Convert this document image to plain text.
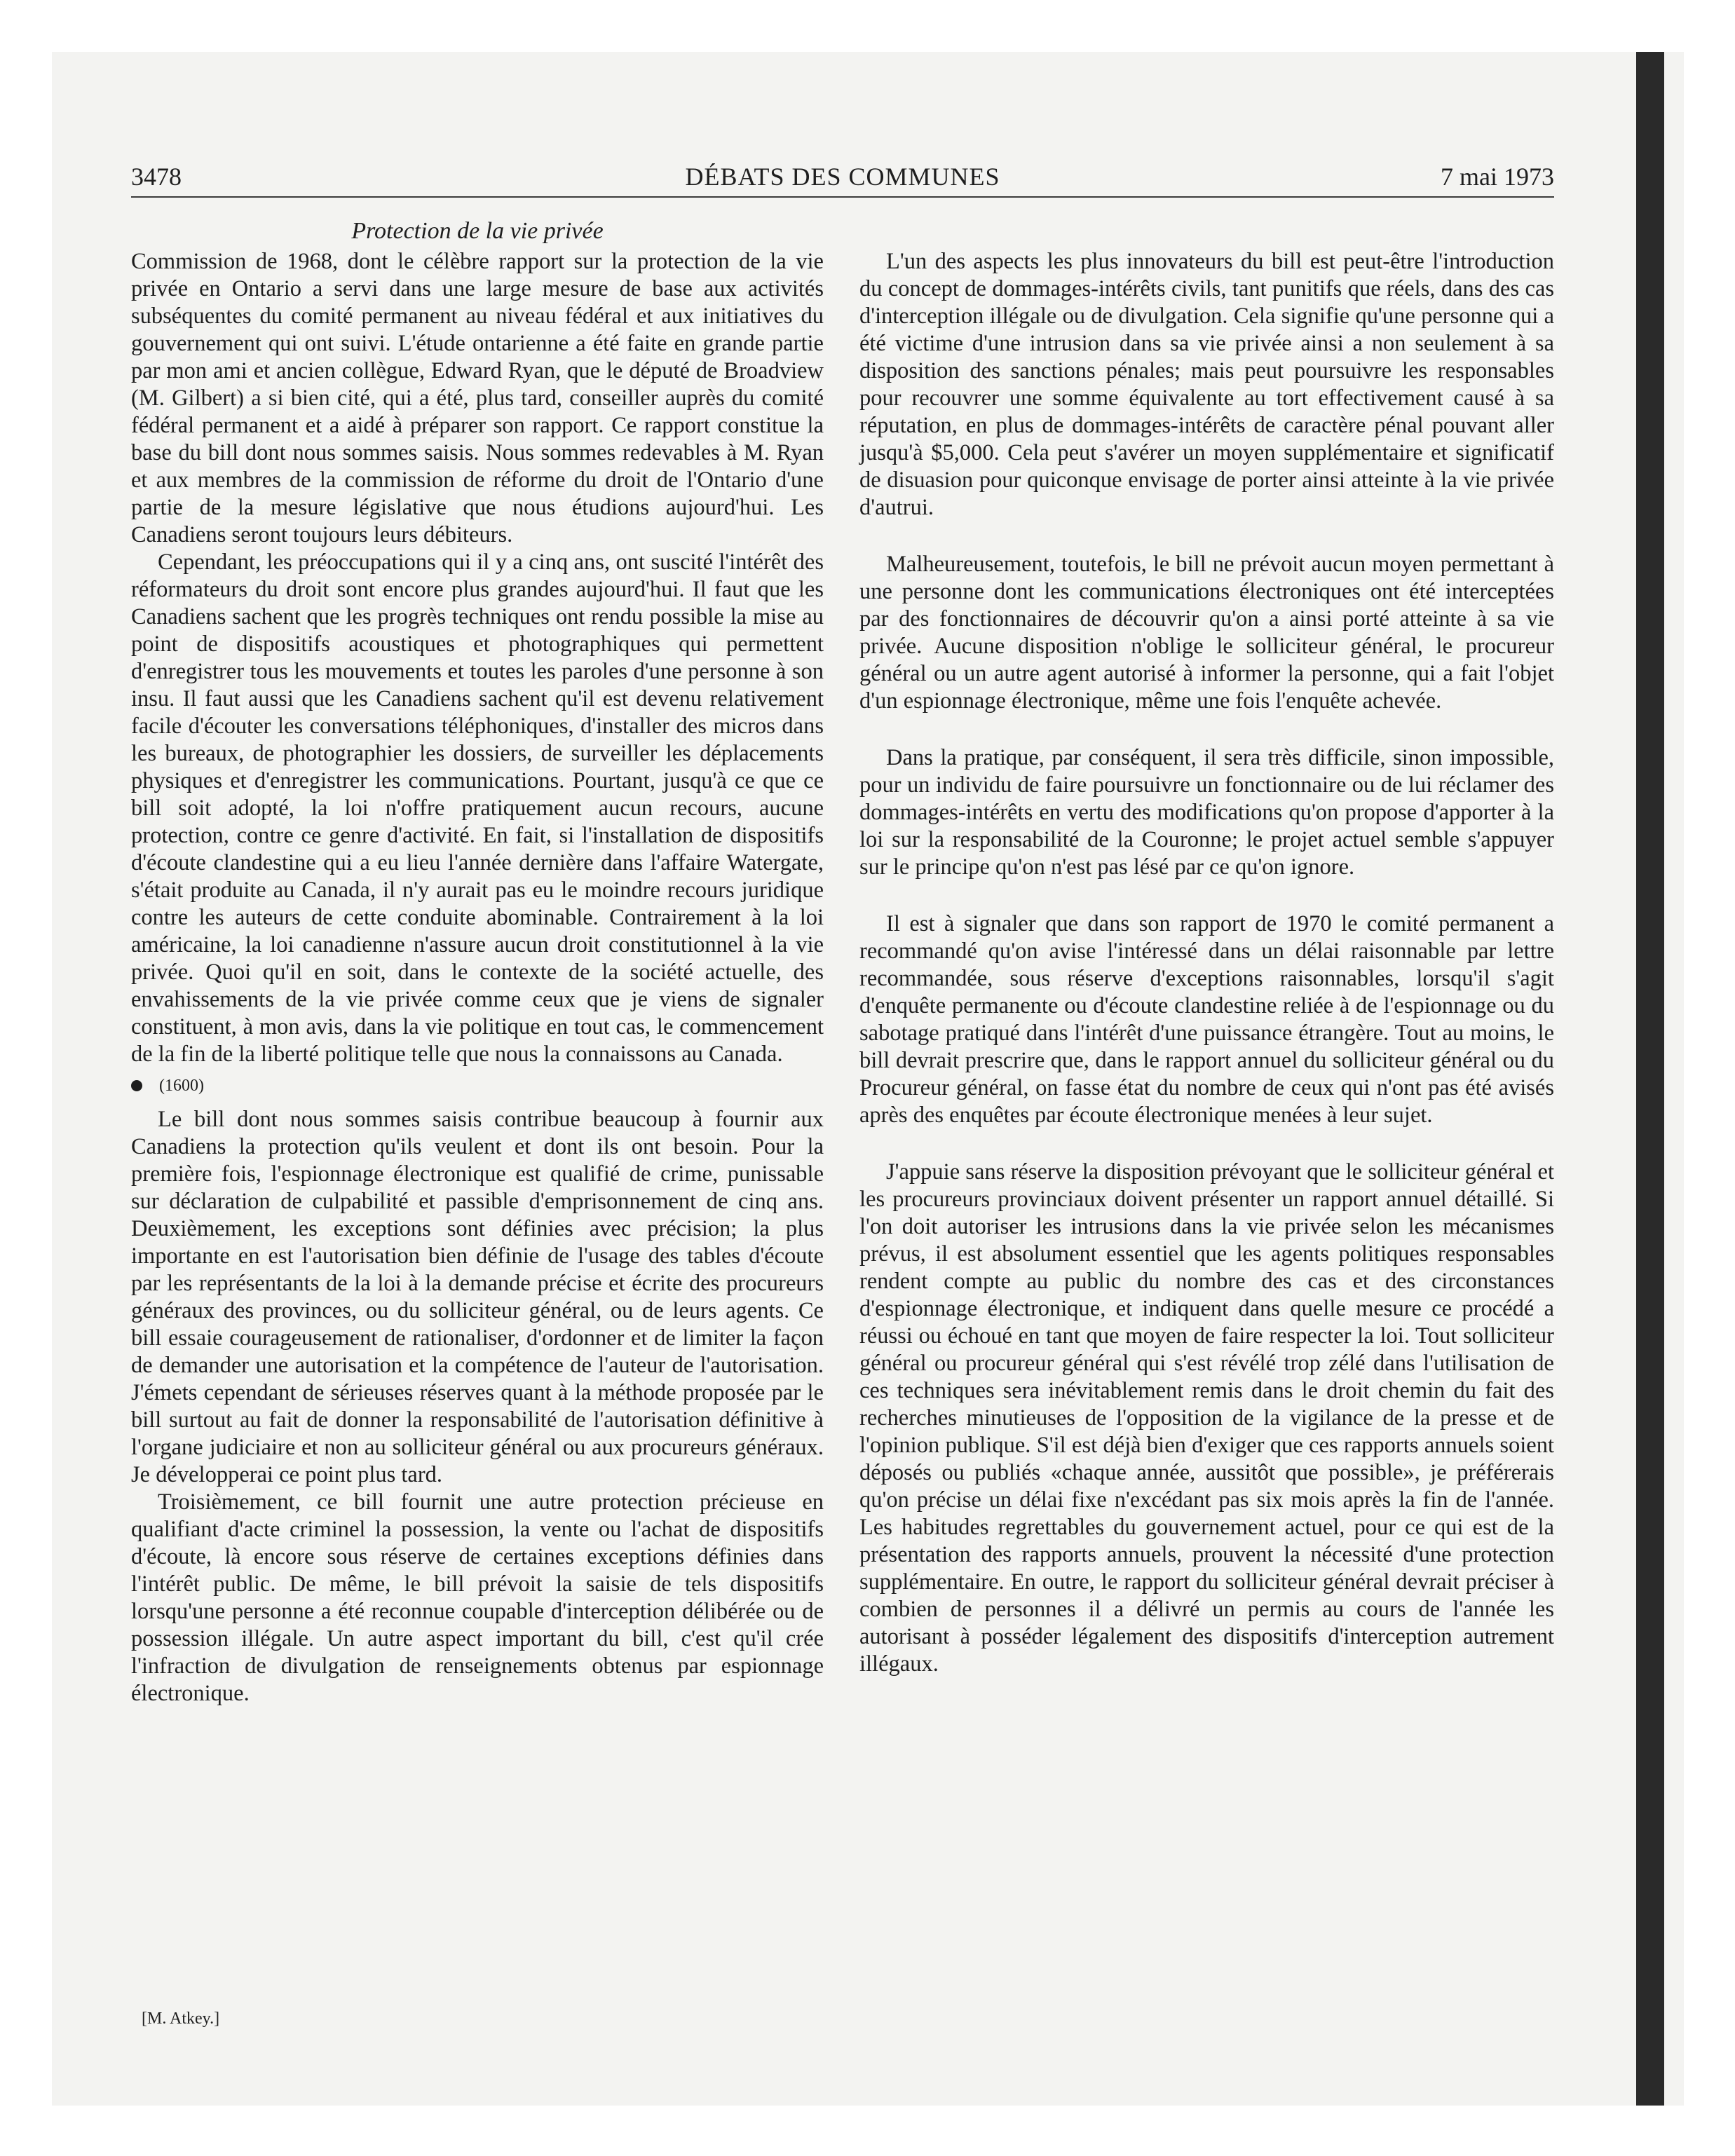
3478	DÉBATS DES COMMUNES	7 mai 1973
Protection de la vie privée

Commission de 1968, dont le célèbre rapport sur la protection de la vie privée en Ontario a servi dans une large mesure de base aux activités subséquentes du comité permanent au niveau fédéral et aux initiatives du gouvernement qui ont suivi. L'étude ontarienne a été faite en grande partie par mon ami et ancien collègue, Edward Ryan, que le député de Broadview (M. Gilbert) a si bien cité, qui a été, plus tard, conseiller auprès du comité fédéral permanent et a aidé à préparer son rapport. Ce rapport constitue la base du bill dont nous sommes saisis. Nous sommes redevables à M. Ryan et aux membres de la commission de réforme du droit de l'Ontario d'une partie de la mesure législative que nous étudions aujourd'hui. Les Canadiens seront toujours leurs débiteurs.

Cependant, les préoccupations qui il y a cinq ans, ont suscité l'intérêt des réformateurs du droit sont encore plus grandes aujourd'hui. Il faut que les Canadiens sachent que les progrès techniques ont rendu possible la mise au point de dispositifs acoustiques et photographiques qui permettent d'enregistrer tous les mouvements et toutes les paroles d'une personne à son insu. Il faut aussi que les Canadiens sachent qu'il est devenu relativement facile d'écouter les conversations téléphoniques, d'installer des micros dans les bureaux, de photographier les dossiers, de surveiller les déplacements physiques et d'enregistrer les communications. Pourtant, jusqu'à ce que ce bill soit adopté, la loi n'offre pratiquement aucun recours, aucune protection, contre ce genre d'activité. En fait, si l'installation de dispositifs d'écoute clandestine qui a eu lieu l'année dernière dans l'affaire Watergate, s'était produite au Canada, il n'y aurait pas eu le moindre recours juridique contre les auteurs de cette conduite abominable. Contrairement à la loi américaine, la loi canadienne n'assure aucun droit constitutionnel à la vie privée. Quoi qu'il en soit, dans le contexte de la société actuelle, des envahissements de la vie privée comme ceux que je viens de signaler constituent, à mon avis, dans la vie politique en tout cas, le commencement de la fin de la liberté politique telle que nous la connaissons au Canada.

(1600)

Le bill dont nous sommes saisis contribue beaucoup à fournir aux Canadiens la protection qu'ils veulent et dont ils ont besoin. Pour la première fois, l'espionnage électronique est qualifié de crime, punissable sur déclaration de culpabilité et passible d'emprisonnement de cinq ans. Deuxièmement, les exceptions sont définies avec précision; la plus importante en est l'autorisation bien définie de l'usage des tables d'écoute par les représentants de la loi à la demande précise et écrite des procureurs généraux des provinces, ou du solliciteur général, ou de leurs agents. Ce bill essaie courageusement de rationaliser, d'ordonner et de limiter la façon de demander une autorisation et la compétence de l'auteur de l'autorisation. J'émets cependant de sérieuses réserves quant à la méthode proposée par le bill surtout au fait de donner la responsabilité de l'autorisation définitive à l'organe judiciaire et non au solliciteur général ou aux procureurs généraux. Je développerai ce point plus tard.

Troisièmement, ce bill fournit une autre protection précieuse en qualifiant d'acte criminel la possession, la vente ou l'achat de dispositifs d'écoute, là encore sous réserve de certaines exceptions définies dans l'intérêt public. De même, le bill prévoit la saisie de tels dispositifs lorsqu'une personne a été reconnue coupable d'interception délibérée ou de possession illégale. Un autre aspect important du bill, c'est qu'il crée l'infraction de divulgation de renseignements obtenus par espionnage électronique.

[M. Atkey.]

L'un des aspects les plus innovateurs du bill est peut-être l'introduction du concept de dommages-intérêts civils, tant punitifs que réels, dans des cas d'interception illégale ou de divulgation. Cela signifie qu'une personne qui a été victime d'une intrusion dans sa vie privée ainsi a non seulement à sa disposition des sanctions pénales; mais peut poursuivre les responsables pour recouvrer une somme équivalente au tort effectivement causé à sa réputation, en plus de dommages-intérêts de caractère pénal pouvant aller jusqu'à $5,000. Cela peut s'avérer un moyen supplémentaire et significatif de disuasion pour quiconque envisage de porter ainsi atteinte à la vie privée d'autrui.

Malheureusement, toutefois, le bill ne prévoit aucun moyen permettant à une personne dont les communications électroniques ont été interceptées par des fonctionnaires de découvrir qu'on a ainsi porté atteinte à sa vie privée. Aucune disposition n'oblige le solliciteur général, le procureur général ou un autre agent autorisé à informer la personne, qui a fait l'objet d'un espionnage électronique, même une fois l'enquête achevée.

Dans la pratique, par conséquent, il sera très difficile, sinon impossible, pour un individu de faire poursuivre un fonctionnaire ou de lui réclamer des dommages-intérêts en vertu des modifications qu'on propose d'apporter à la loi sur la responsabilité de la Couronne; le projet actuel semble s'appuyer sur le principe qu'on n'est pas lésé par ce qu'on ignore.

Il est à signaler que dans son rapport de 1970 le comité permanent a recommandé qu'on avise l'intéressé dans un délai raisonnable par lettre recommandée, sous réserve d'exceptions raisonnables, lorsqu'il s'agit d'enquête permanente ou d'écoute clandestine reliée à de l'espionnage ou du sabotage pratiqué dans l'intérêt d'une puissance étrangère. Tout au moins, le bill devrait prescrire que, dans le rapport annuel du solliciteur général ou du Procureur général, on fasse état du nombre de ceux qui n'ont pas été avisés après des enquêtes par écoute électronique menées à leur sujet.

J'appuie sans réserve la disposition prévoyant que le solliciteur général et les procureurs provinciaux doivent présenter un rapport annuel détaillé. Si l'on doit autoriser les intrusions dans la vie privée selon les mécanismes prévus, il est absolument essentiel que les agents politiques responsables rendent compte au public du nombre des cas et des circonstances d'espionnage électronique, et indiquent dans quelle mesure ce procédé a réussi ou échoué en tant que moyen de faire respecter la loi. Tout solliciteur général ou procureur général qui s'est révélé trop zélé dans l'utilisation de ces techniques sera inévitablement remis dans le droit chemin du fait des recherches minutieuses de l'opposition de la vigilance de la presse et de l'opinion publique. S'il est déjà bien d'exiger que ces rapports annuels soient déposés ou publiés «chaque année, aussitôt que possible», je préférerais qu'on précise un délai fixe n'excédant pas six mois après la fin de l'année. Les habitudes regrettables du gouvernement actuel, pour ce qui est de la présentation des rapports annuels, prouvent la nécessité d'une protection supplémentaire. En outre, le rapport du solliciteur général devrait préciser à combien de personnes il a délivré un permis au cours de l'année les autorisant à posséder légalement des dispositifs d'interception autrement illégaux.
